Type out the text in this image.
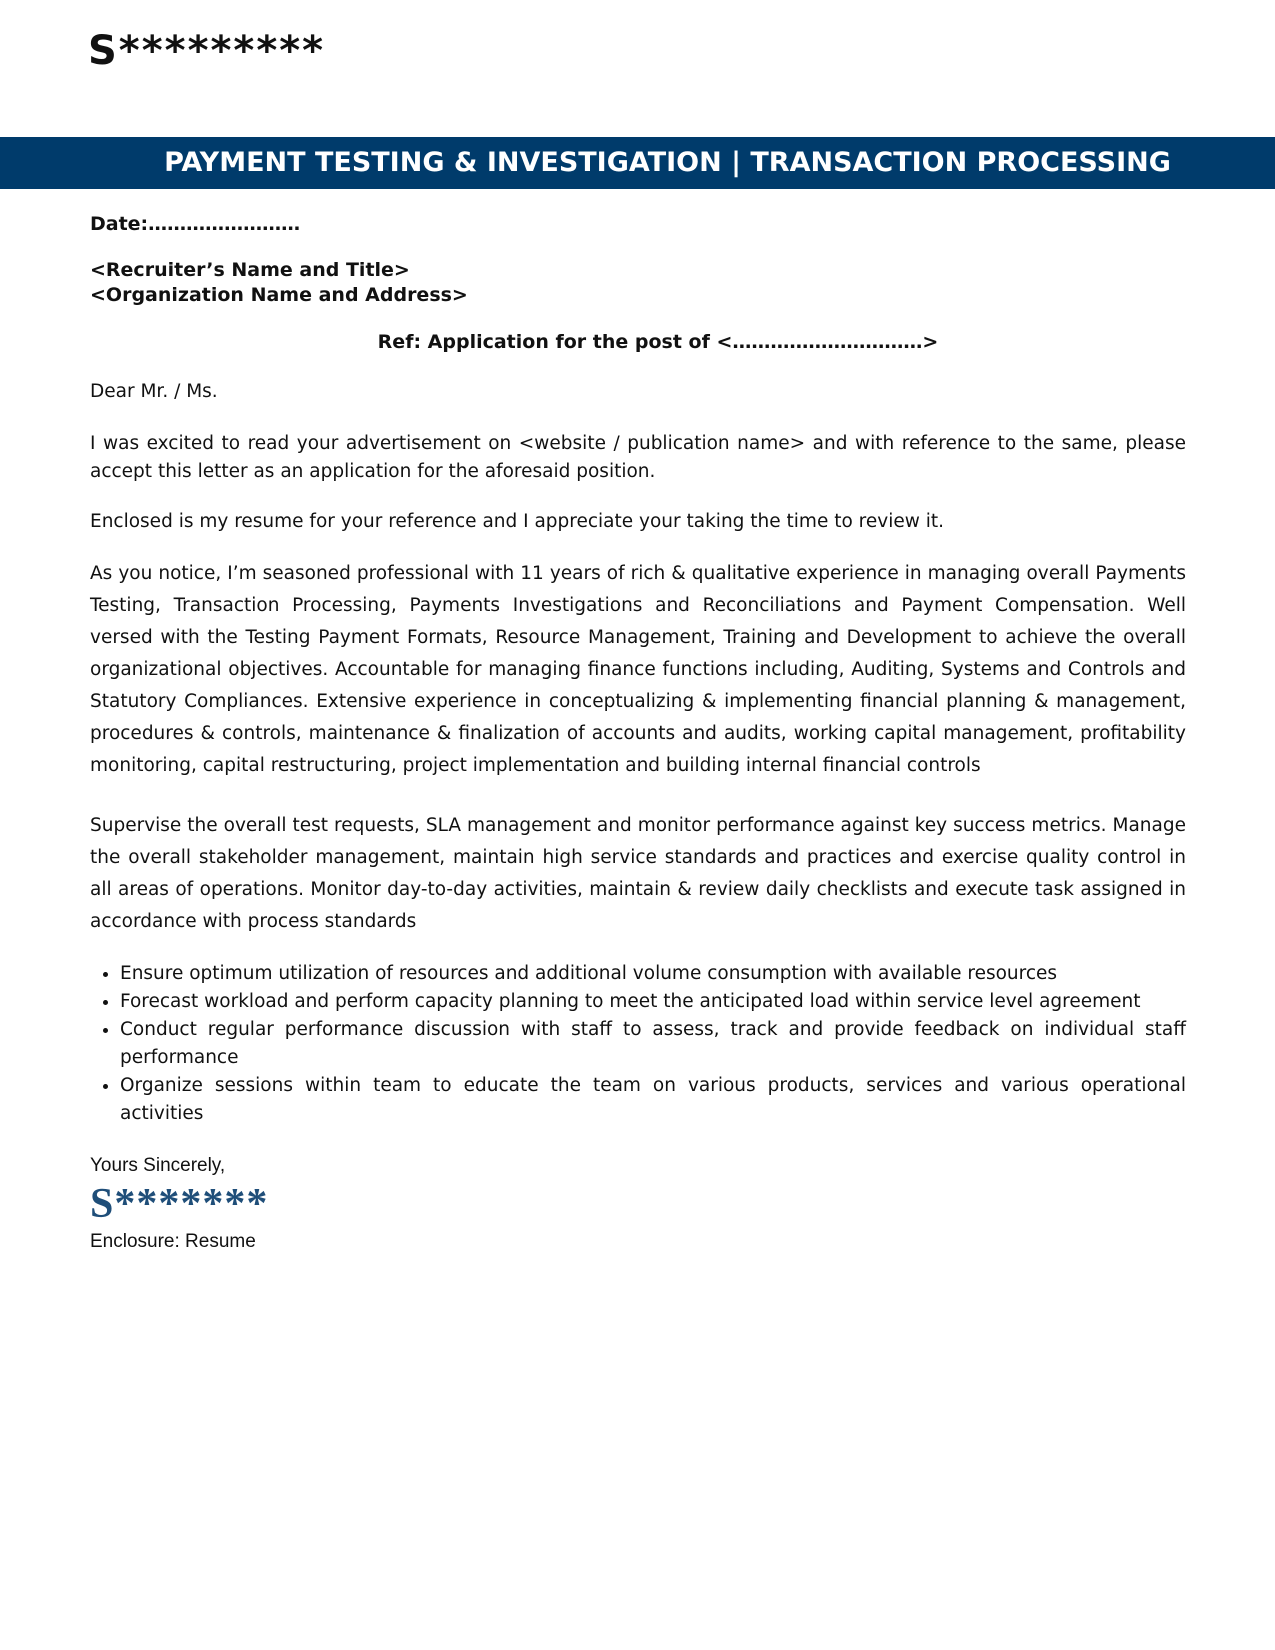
S*********
PAYMENT TESTING & INVESTIGATION | TRANSACTION PROCESSING

Date:……………………

<Recruiter’s Name and Title>
<Organization Name and Address>

Ref: Application for the post of <…………………………>

Dear Mr. / Ms.

I was excited to read your advertisement on <website / publication name> and with reference to the same, please accept this letter as an application for the aforesaid position.

Enclosed is my resume for your reference and I appreciate your taking the time to review it.

As you notice, I’m seasoned professional with 11 years of rich & qualitative experience in managing overall Payments Testing, Transaction Processing, Payments Investigations and Reconciliations and Payment Compensation. Well versed with the Testing Payment Formats, Resource Management, Training and Development to achieve the overall organizational objectives. Accountable for managing finance functions including, Auditing, Systems and Controls and Statutory Compliances. Extensive experience in conceptualizing & implementing financial planning & management, procedures & controls, maintenance & finalization of accounts and audits, working capital management, profitability monitoring, capital restructuring, project implementation and building internal financial controls

Supervise the overall test requests, SLA management and monitor performance against key success metrics. Manage the overall stakeholder management, maintain high service standards and practices and exercise quality control in all areas of operations. Monitor day-to-day activities, maintain & review daily checklists and execute task assigned in accordance with process standards

• Ensure optimum utilization of resources and additional volume consumption with available resources
• Forecast workload and perform capacity planning to meet the anticipated load within service level agreement
• Conduct regular performance discussion with staff to assess, track and provide feedback on individual staff performance
• Organize sessions within team to educate the team on various products, services and various operational activities

Yours Sincerely,

S*******

Enclosure: Resume
